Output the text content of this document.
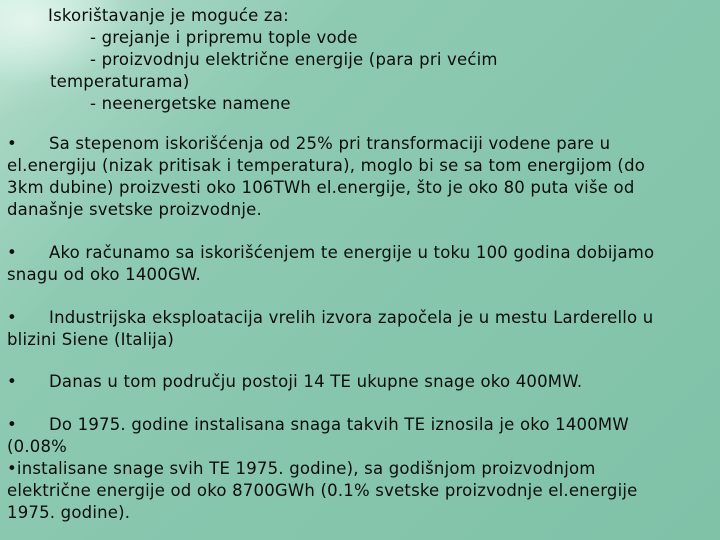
Iskorištavanje je moguće za:
- grejanje i pripremu tople vode
- proizvodnju električne energije (para pri većim
temperaturama)
- neenergetske namene
• Sa stepenom iskorišćenja od 25% pri transformaciji vodene pare u
el.energiju (nizak pritisak i temperatura), moglo bi se sa tom energijom (do
3km dubine) proizvesti oko 106TWh el.energije, što je oko 80 puta više od
današnje svetske proizvodnje.
• Ako računamo sa iskorišćenjem te energije u toku 100 godina dobijamo
snagu od oko 1400GW.
• Industrijska eksploatacija vrelih izvora započela je u mestu Larderello u
blizini Siene (Italija)
• Danas u tom području postoji 14 TE ukupne snage oko 400MW.
• Do 1975. godine instalisana snaga takvih TE iznosila je oko 1400MW
(0.08%
•instalisane snage svih TE 1975. godine), sa godišnjom proizvodnjom
električne energije od oko 8700GWh (0.1% svetske proizvodnje el.energije
1975. godine).
